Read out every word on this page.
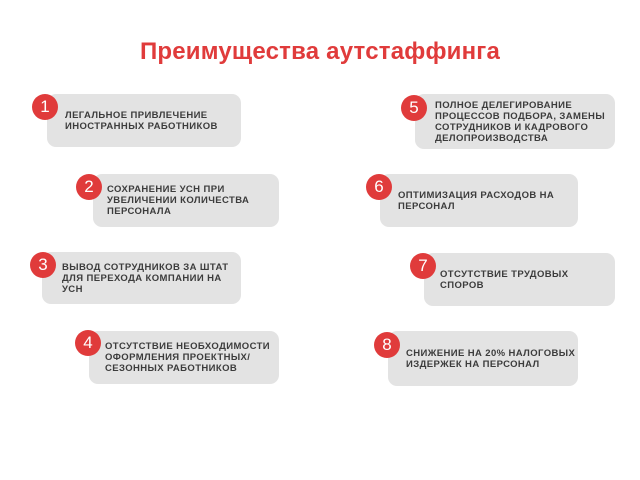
Преимущества аутстаффинга
ЛЕГАЛЬНОЕ ПРИВЛЕЧЕНИЕ
ИНОСТРАННЫХ РАБОТНИКОВ
1
СОХРАНЕНИЕ УСН ПРИ
УВЕЛИЧЕНИИ КОЛИЧЕСТВА
ПЕРСОНАЛА
2
ВЫВОД СОТРУДНИКОВ ЗА ШТАТ
ДЛЯ ПЕРЕХОДА КОМПАНИИ НА
УСН
3
ОТСУТСТВИЕ НЕОБХОДИМОСТИ
ОФОРМЛЕНИЯ ПРОЕКТНЫХ/
СЕЗОННЫХ РАБОТНИКОВ
4
ПОЛНОЕ ДЕЛЕГИРОВАНИЕ
ПРОЦЕССОВ ПОДБОРА, ЗАМЕНЫ
СОТРУДНИКОВ И КАДРОВОГО
ДЕЛОПРОИЗВОДСТВА
5
ОПТИМИЗАЦИЯ РАСХОДОВ НА
ПЕРСОНАЛ
6
ОТСУТСТВИЕ ТРУДОВЫХ СПОРОВ
7
СНИЖЕНИЕ НА 20% НАЛОГОВЫХ
ИЗДЕРЖЕК НА ПЕРСОНАЛ
8
